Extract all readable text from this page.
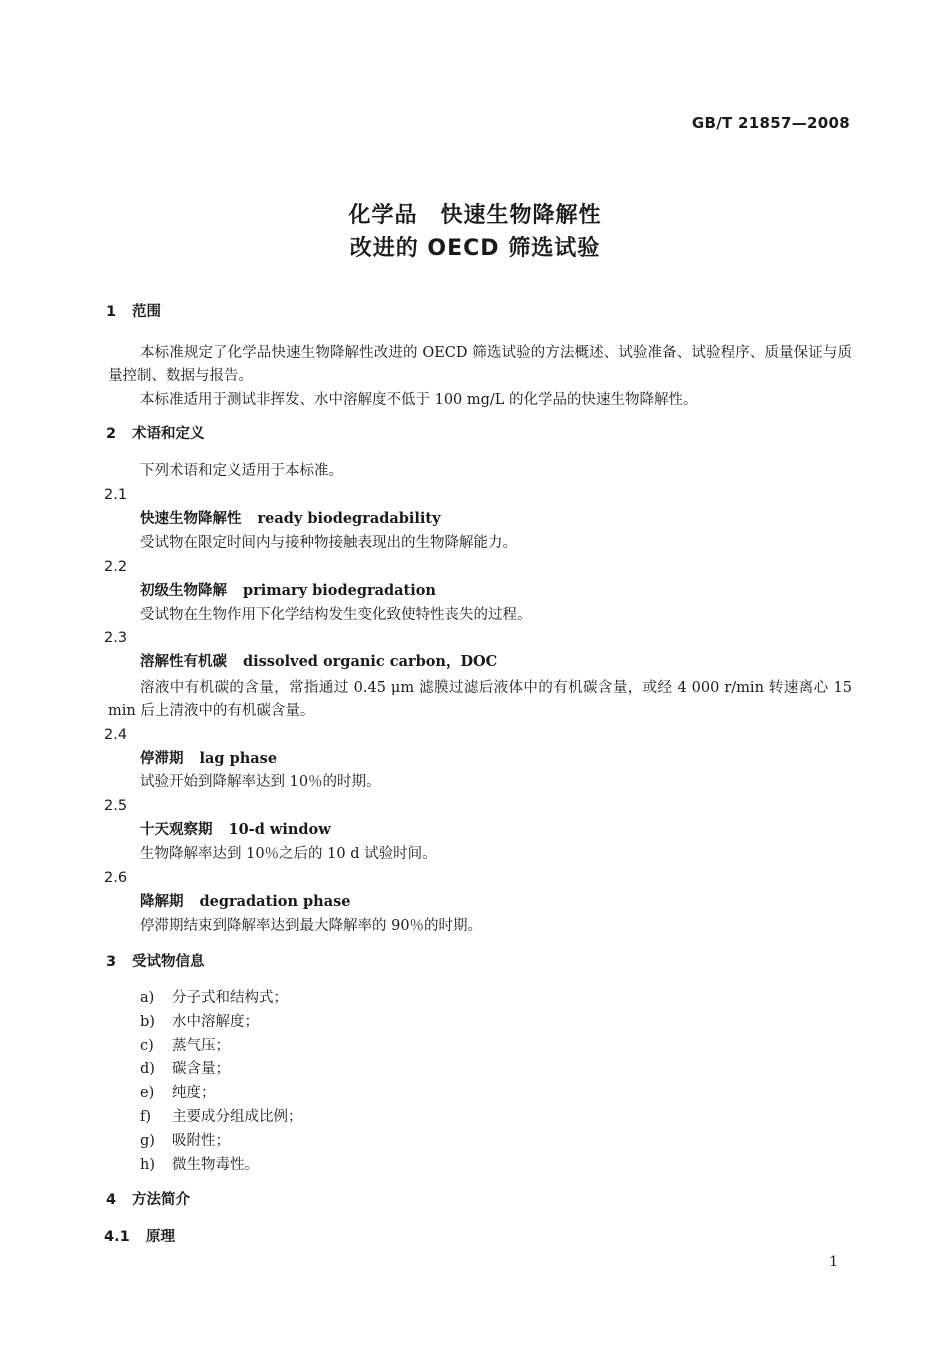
GB/T 21857—2008
化学品　快速生物降解性
改进的 OECD 筛选试验
1 范围
本标准规定了化学品快速生物降解性改进的 OECD 筛选试验的方法概述、试验准备、试验程序、质量保证与质量控制、数据与报告。
本标准适用于测试非挥发、水中溶解度不低于 100 mg/L 的化学品的快速生物降解性。
2 术语和定义
下列术语和定义适用于本标准。
2.1
快速生物降解性 ready biodegradability
受试物在限定时间内与接种物接触表现出的生物降解能力。
2.2
初级生物降解 primary biodegradation
受试物在生物作用下化学结构发生变化致使特性丧失的过程。
2.3
溶解性有机碳 dissolved organic carbon，DOC
溶液中有机碳的含量，常指通过 0.45 μm 滤膜过滤后液体中的有机碳含量，或经 4 000 r/min 转速离心 15 min 后上清液中的有机碳含量。
2.4
停滞期 lag phase
试验开始到降解率达到 10％的时期。
2.5
十天观察期 10-d window
生物降解率达到 10％之后的 10 d 试验时间。
2.6
降解期 degradation phase
停滞期结束到降解率达到最大降解率的 90％的时期。
3 受试物信息
a) 分子式和结构式；
b) 水中溶解度；
c) 蒸气压；
d) 碳含量；
e) 纯度；
f) 主要成分组成比例；
g) 吸附性；
h) 微生物毒性。
4 方法简介
4.1 原理
1
